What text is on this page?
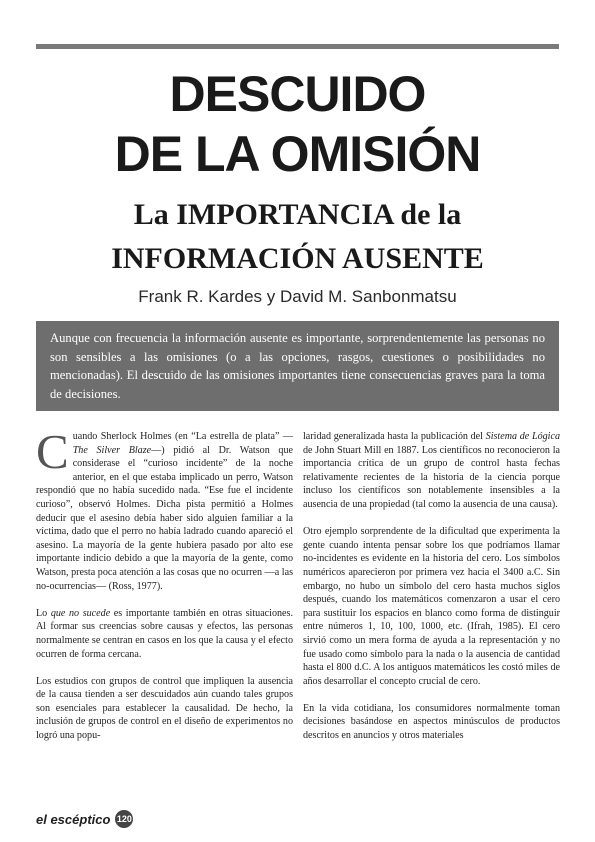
DESCUIDO
DE LA OMISIÓN
La IMPORTANCIA de la
INFORMACIÓN AUSENTE
Frank R. Kardes y David M. Sanbonmatsu

Aunque con frecuencia la información ausente es importante, sorprendentemente las personas no son sensibles a las omisiones (o a las opciones, rasgos, cuestiones o posibilidades no mencionadas). El descuido de las omisiones importantes tiene consecuencias graves para la toma de decisiones.

Cuando Sherlock Holmes (en “La estrella de plata” —The Silver Blaze—) pidió al Dr. Watson que considerase el “curioso incidente” de la noche anterior, en el que estaba implicado un perro, Watson respondió que no había sucedido nada. “Ese fue el incidente curioso”, observó Holmes. Dicha pista permitió a Holmes deducir que el asesino debía haber sido alguien familiar a la víctima, dado que el perro no había ladrado cuando apareció el asesino. La mayoría de la gente hubiera pasado por alto ese importante indicio debido a que la mayoría de la gente, como Watson, presta poca atención a las cosas que no ocurren —a las no-ocurrencias— (Ross, 1977).

Lo que no sucede es importante también en otras situaciones. Al formar sus creencias sobre causas y efectos, las personas normalmente se centran en casos en los que la causa y el efecto ocurren de forma cercana.

Los estudios con grupos de control que impliquen la ausencia de la causa tienden a ser descuidados aún cuando tales grupos son esenciales para establecer la causalidad. De hecho, la inclusión de grupos de control en el diseño de experimentos no logró una popu-

laridad generalizada hasta la publicación del Sistema de Lógica de John Stuart Mill en 1887. Los científicos no reconocieron la importancia crítica de un grupo de control hasta fechas relativamente recientes de la historia de la ciencia porque incluso los científicos son notablemente insensibles a la ausencia de una propiedad (tal como la ausencia de una causa).

Otro ejemplo sorprendente de la dificultad que experimenta la gente cuando intenta pensar sobre los que podríamos llamar no-incidentes es evidente en la historia del cero. Los símbolos numéricos aparecieron por primera vez hacia el 3400 a.C. Sin embargo, no hubo un símbolo del cero hasta muchos siglos después, cuando los matemáticos comenzaron a usar el cero para sustituir los espacios en blanco como forma de distinguir entre números 1, 10, 100, 1000, etc. (Ifrah, 1985). El cero sirvió como un mera forma de ayuda a la representación y no fue usado como símbolo para la nada o la ausencia de cantidad hasta el 800 d.C. A los antiguos matemáticos les costó miles de años desarrollar el concepto crucial de cero.

En la vida cotidiana, los consumidores normalmente toman decisiones basándose en aspectos minúsculos de productos descritos en anuncios y otros materiales

el escéptico 120
